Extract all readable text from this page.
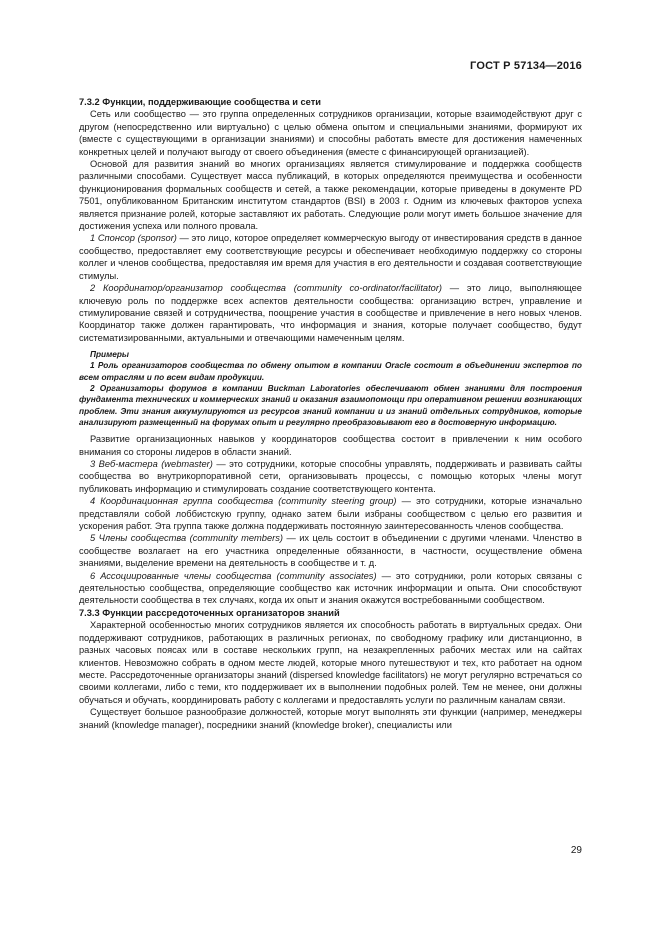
ГОСТ Р 57134—2016

7.3.2 Функции, поддерживающие сообщества и сети

Сеть или сообщество — это группа определенных сотрудников организации, которые взаимодействуют друг с другом (непосредственно или виртуально) с целью обмена опытом и специальными знаниями, формируют их (вместе с существующими в организации знаниями) и способны работать вместе для достижения намеченных конкретных целей и получают выгоду от своего объединения (вместе с финансирующей организацией).

Основой для развития знаний во многих организациях является стимулирование и поддержка сообществ различными способами. Существует масса публикаций, в которых определяются преимущества и особенности функционирования формальных сообществ и сетей, а также рекомендации, которые приведены в документе PD 7501, опубликованном Британским институтом стандартов (BSI) в 2003 г. Одним из ключевых факторов успеха является признание ролей, которые заставляют их работать. Следующие роли могут иметь большое значение для достижения успеха или полного провала.

1 Спонсор (sponsor) — это лицо, которое определяет коммерческую выгоду от инвестирования средств в данное сообщество, предоставляет ему соответствующие ресурсы и обеспечивает необходимую поддержку со стороны коллег и членов сообщества, предоставляя им время для участия в его деятельности и создавая соответствующие стимулы.

2 Координатор/организатор сообщества (community co-ordinator/facilitator) — это лицо, выполняющее ключевую роль по поддержке всех аспектов деятельности сообщества: организацию встреч, управление и стимулирование связей и сотрудничества, поощрение участия в сообществе и привлечение в него новых членов. Координатор также должен гарантировать, что информация и знания, которые получает сообщество, будут систематизированными, актуальными и отвечающими намеченным целям.

Примеры

1 Роль организаторов сообщества по обмену опытом в компании Oracle состоит в объединении экспертов по всем отраслям и по всем видам продукции.

2 Организаторы форумов в компании Buckman Laboratories обеспечивают обмен знаниями для построения фундамента технических и коммерческих знаний и оказания взаимопомощи при оперативном решении возникающих проблем. Эти знания аккумулируются из ресурсов знаний компании и из знаний отдельных сотрудников, которые анализируют размещенный на форумах опыт и регулярно преобразовывают его в достоверную информацию.

Развитие организационных навыков у координаторов сообщества состоит в привлечении к ним особого внимания со стороны лидеров в области знаний.

3 Веб-мастера (webmaster) — это сотрудники, которые способны управлять, поддерживать и развивать сайты сообщества во внутрикорпоративной сети, организовывать процессы, с помощью которых члены могут публиковать информацию и стимулировать создание соответствующего контента.

4 Координационная группа сообщества (community steering group) — это сотрудники, которые изначально представляли собой лоббистскую группу, однако затем были избраны сообществом с целью его развития и ускорения работ. Эта группа также должна поддерживать постоянную заинтересованность членов сообщества.

5 Члены сообщества (community members) — их цель состоит в объединении с другими членами. Членство в сообществе возлагает на его участника определенные обязанности, в частности, осуществление обмена знаниями, выделение времени на деятельность в сообществе и т. д.

6 Ассоциированные члены сообщества (community associates) — это сотрудники, роли которых связаны с деятельностью сообщества, определяющие сообщество как источник информации и опыта. Они способствуют деятельности сообщества в тех случаях, когда их опыт и знания окажутся востребованными сообществом.

7.3.3 Функции рассредоточенных организаторов знаний

Характерной особенностью многих сотрудников является их способность работать в виртуальных средах. Они поддерживают сотрудников, работающих в различных регионах, по свободному графику или дистанционно, в разных часовых поясах или в составе нескольких групп, на незакрепленных рабочих местах или на сайтах клиентов. Невозможно собрать в одном месте людей, которые много путешествуют и тех, кто работает на одном месте. Рассредоточенные организаторы знаний (dispersed knowledge facilitators) не могут регулярно встречаться со своими коллегами, либо с теми, кто поддерживает их в выполнении подобных ролей. Тем не менее, они должны обучаться и обучать, координировать работу с коллегами и предоставлять услуги по различным каналам связи.

Существует большое разнообразие должностей, которые могут выполнять эти функции (например, менеджеры знаний (knowledge manager), посредники знаний (knowledge broker), специалисты или

29
